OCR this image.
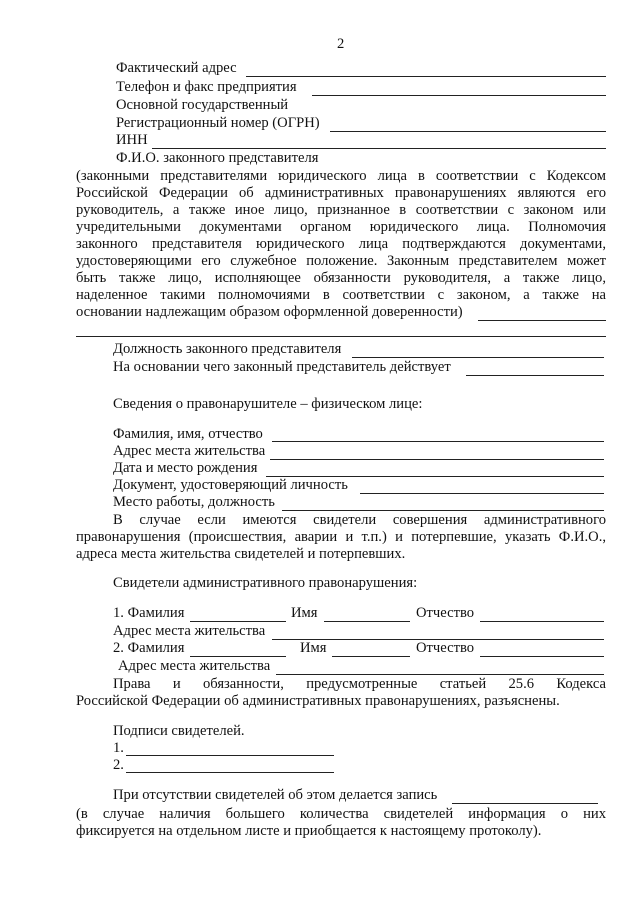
2
Фактический адрес
Телефон и факс предприятия
Основной государственный
Регистрационный номер (ОГРН)
ИНН
Ф.И.О. законного представителя
(законными представителями юридического лица в соответствии с Кодексом
Российской Федерации об административных правонарушениях являются его
руководитель, а также иное лицо, признанное в соответствии с законом или
учредительными документами органом юридического лица. Полномочия
законного представителя юридического лица подтверждаются документами,
удостоверяющими его служебное положение. Законным представителем может
быть также лицо, исполняющее обязанности руководителя, а также лицо,
наделенное такими полномочиями в соответствии с законом, а также на
основании надлежащим образом оформленной доверенности)
Должность законного представителя
На основании чего законный представитель действует
Сведения о правонарушителе – физическом лице:
Фамилия, имя, отчество
Адрес места жительства
Дата и место рождения
Документ, удостоверяющий личность
Место работы, должность
В случае если имеются свидетели совершения административного
правонарушения (происшествия, аварии и т.п.) и потерпевшие, указать Ф.И.О.,
адреса места жительства свидетелей и потерпевших.
Свидетели административного правонарушения:
1. Фамилия	Имя	Отчество
Адрес места жительства
2. Фамилия	Имя	Отчество
Адрес места жительства
Права и обязанности, предусмотренные статьей 25.6 Кодекса
Российской Федерации об административных правонарушениях, разъяснены.
Подписи свидетелей.
1.
2.
При отсутствии свидетелей об этом делается запись
(в случае наличия большего количества свидетелей информация о них
фиксируется на отдельном листе и приобщается к настоящему протоколу).
